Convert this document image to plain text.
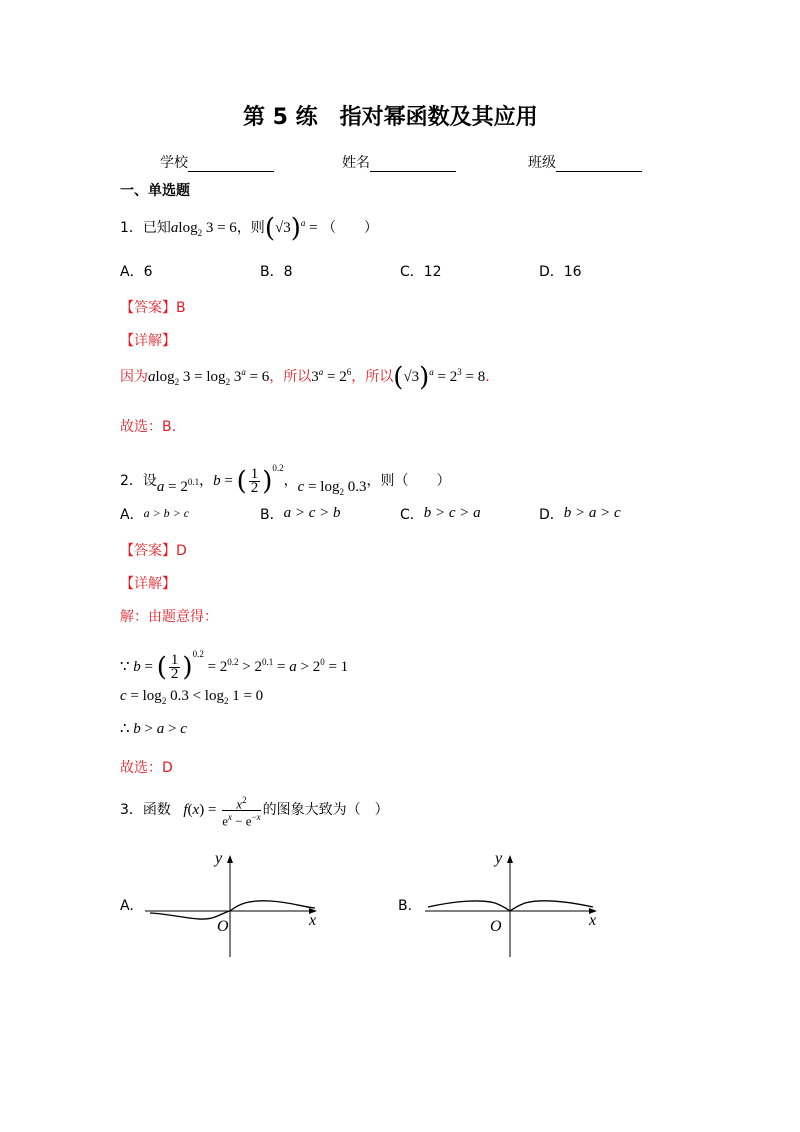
第 5 练　指对幂函数及其应用
学校	姓名	班级
一、单选题
1．已知alog$_2$ 3 = 6，则$(√3)^a$ = （　　）
A．6	B．8	C．12	D．16
【答案】B
【详解】
因为alog$_2$ $3 = \log_2 3^a = 6$，所以$3^a = 2^6$，所以$(√3)^a = 2^3 = 8$.
故选：B．
2．设$a = 2^{0.1}$，b = ( $\frac{1}{2} )^{0.2}$，$c = \log_2 0.3$，则（　　）
A．a > b > c	B．a > c > b	C．b > c > a	D．b > a > c
【答案】D
【详解】
解：由题意得：
∵ b = ( $\frac{1}{2} )^{0.2} = 2^{0.2} > 2^{0.1} = a > 2^0 = 1$
$c = \log_2 0.3 < \log_2 1 = 0$
∴ b > a > c
故选：D
3．函数 $f(x) = \frac{x^2}{e^x - e^{-x}}$ 的图象大致为（　）
A.	B.
y
x
O
y
x
O
